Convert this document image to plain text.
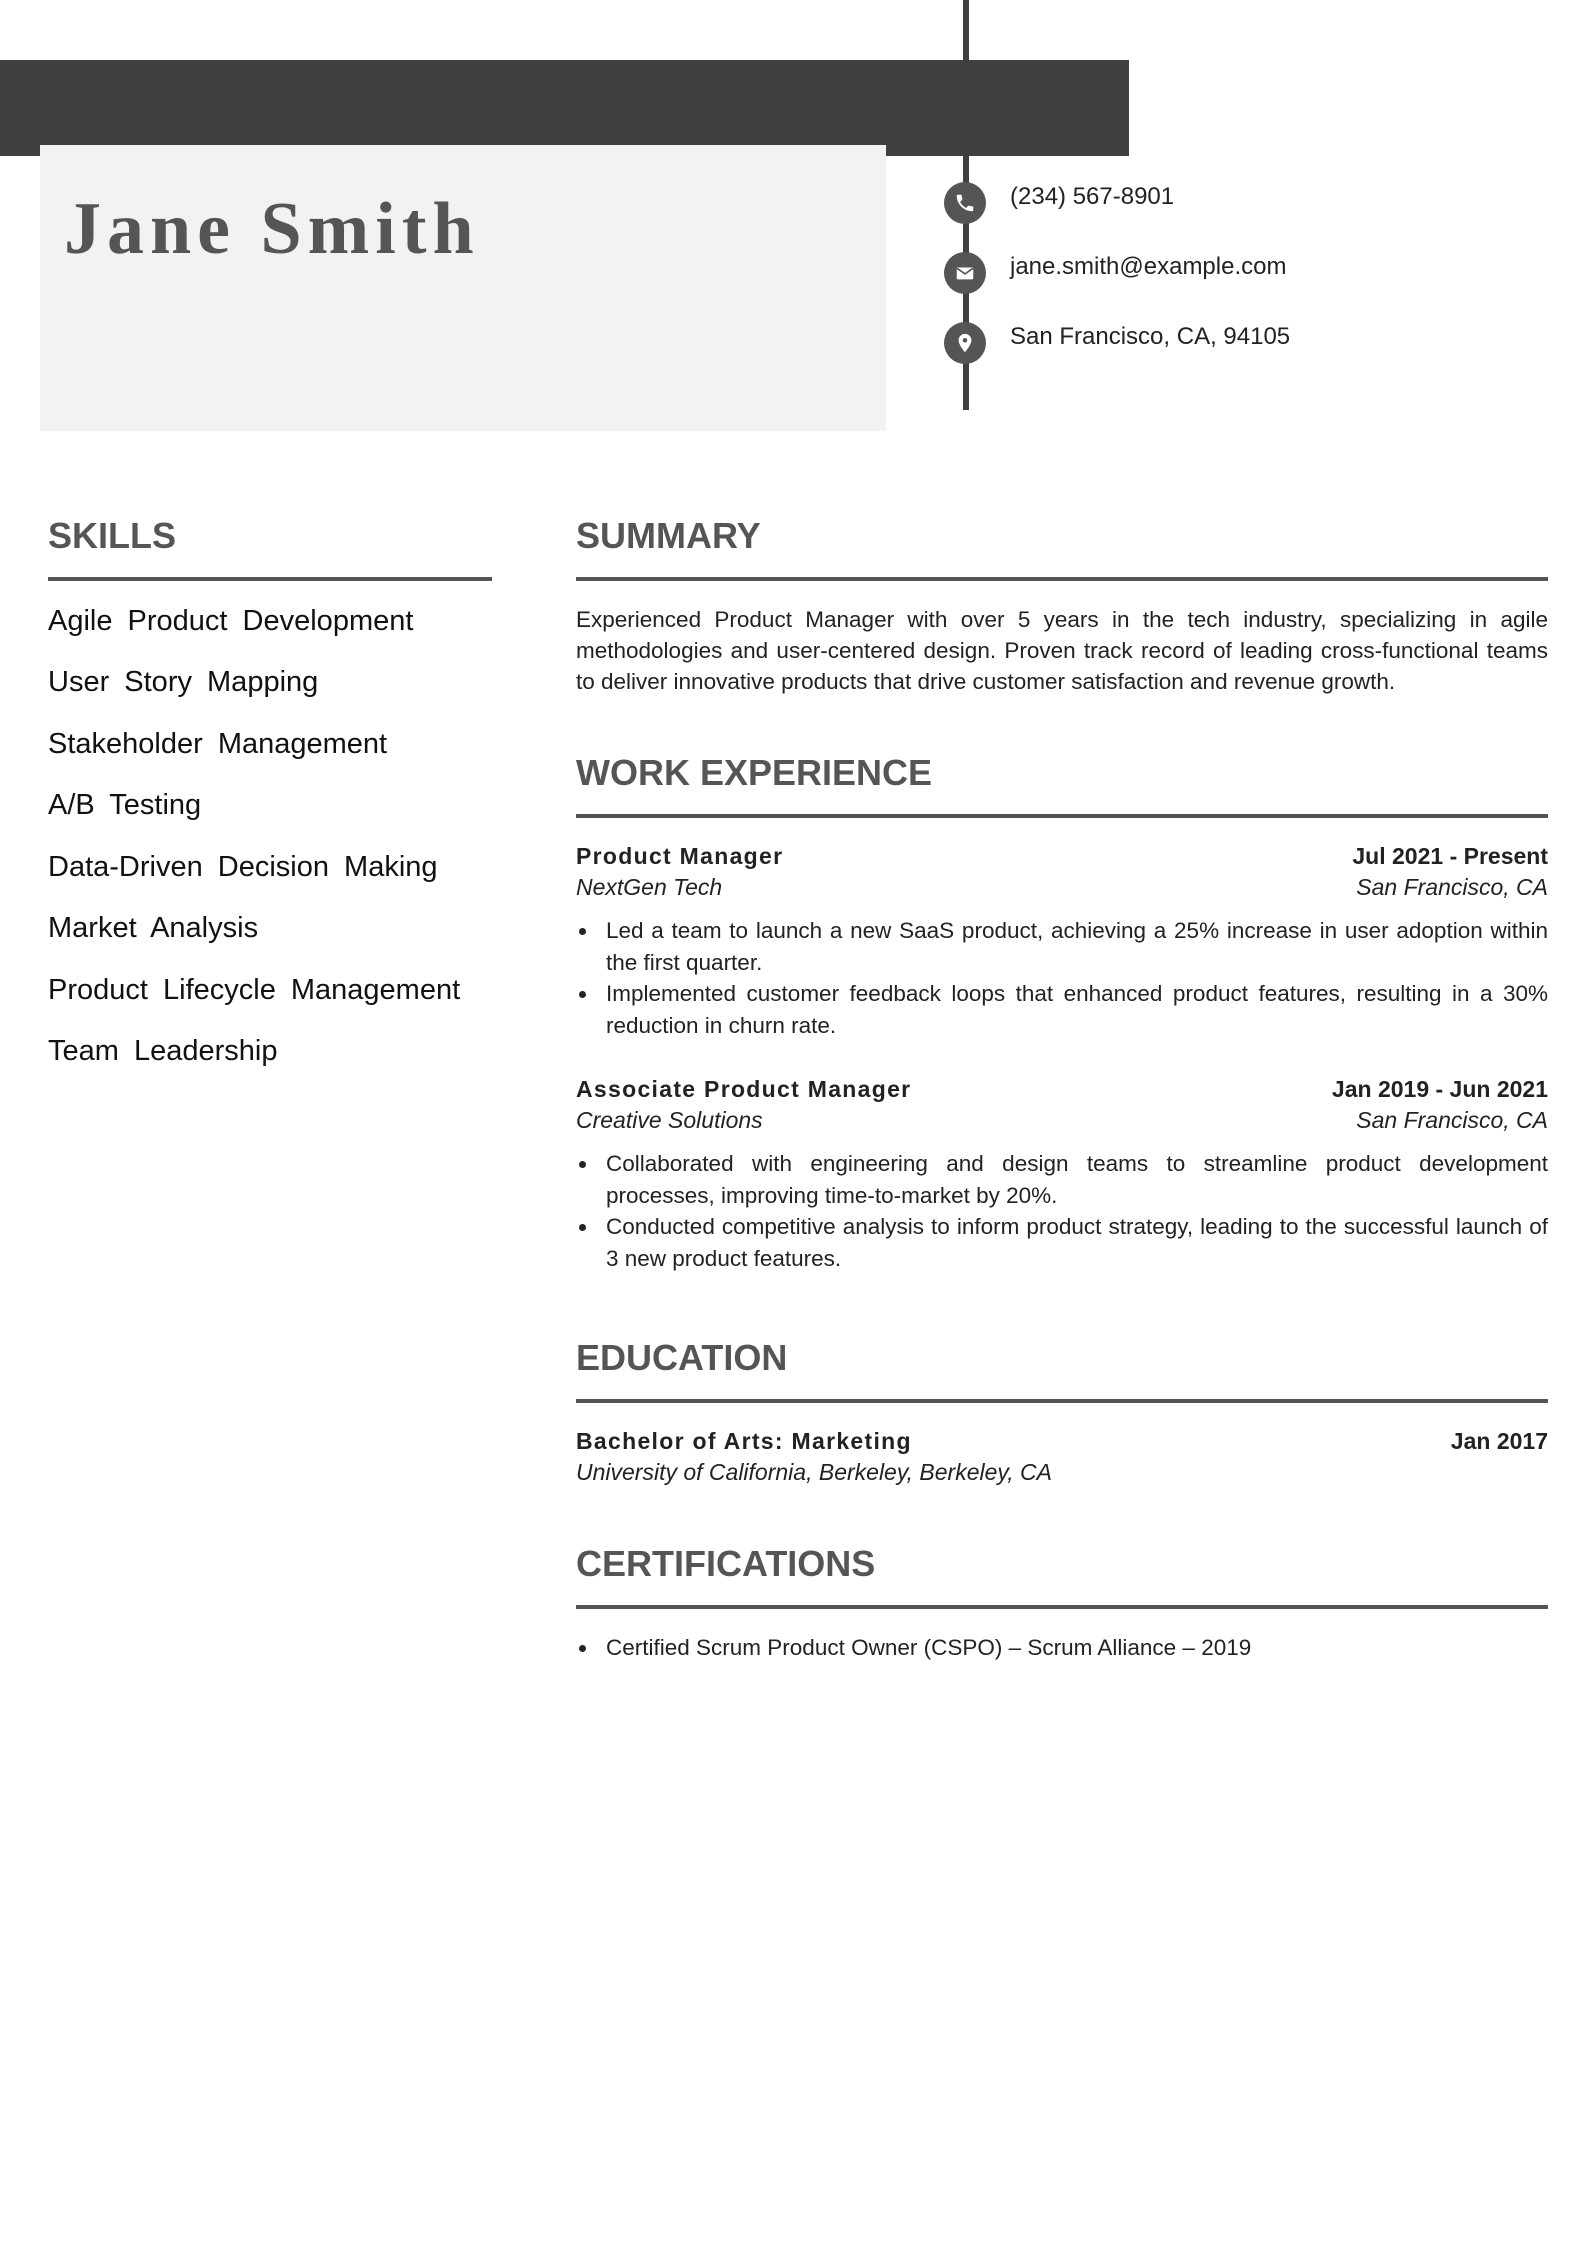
Jane Smith	(234) 567-8901
jane.smith@example.com
San Francisco, CA, 94105
SKILLS
Agile Product Development
User Story Mapping
Stakeholder Management
A/B Testing
Data-Driven Decision Making
Market Analysis
Product Lifecycle Management
Team Leadership
SUMMARY
Experienced Product Manager with over 5 years in the tech industry, specializing in agile methodologies and user-centered design. Proven track record of leading cross-functional teams to deliver innovative products that drive customer satisfaction and revenue growth.
WORK EXPERIENCE
Product Manager	Jul 2021 - Present
NextGen Tech	San Francisco, CA
Led a team to launch a new SaaS product, achieving a 25% increase in user adoption within the first quarter.
Implemented customer feedback loops that enhanced product features, resulting in a 30% reduction in churn rate.
Associate Product Manager	Jan 2019 - Jun 2021
Creative Solutions	San Francisco, CA
Collaborated with engineering and design teams to streamline product development processes, improving time-to-market by 20%.
Conducted competitive analysis to inform product strategy, leading to the successful launch of 3 new product features.
EDUCATION
Bachelor of Arts: Marketing	Jan 2017
University of California, Berkeley, Berkeley, CA
CERTIFICATIONS
Certified Scrum Product Owner (CSPO) – Scrum Alliance – 2019
